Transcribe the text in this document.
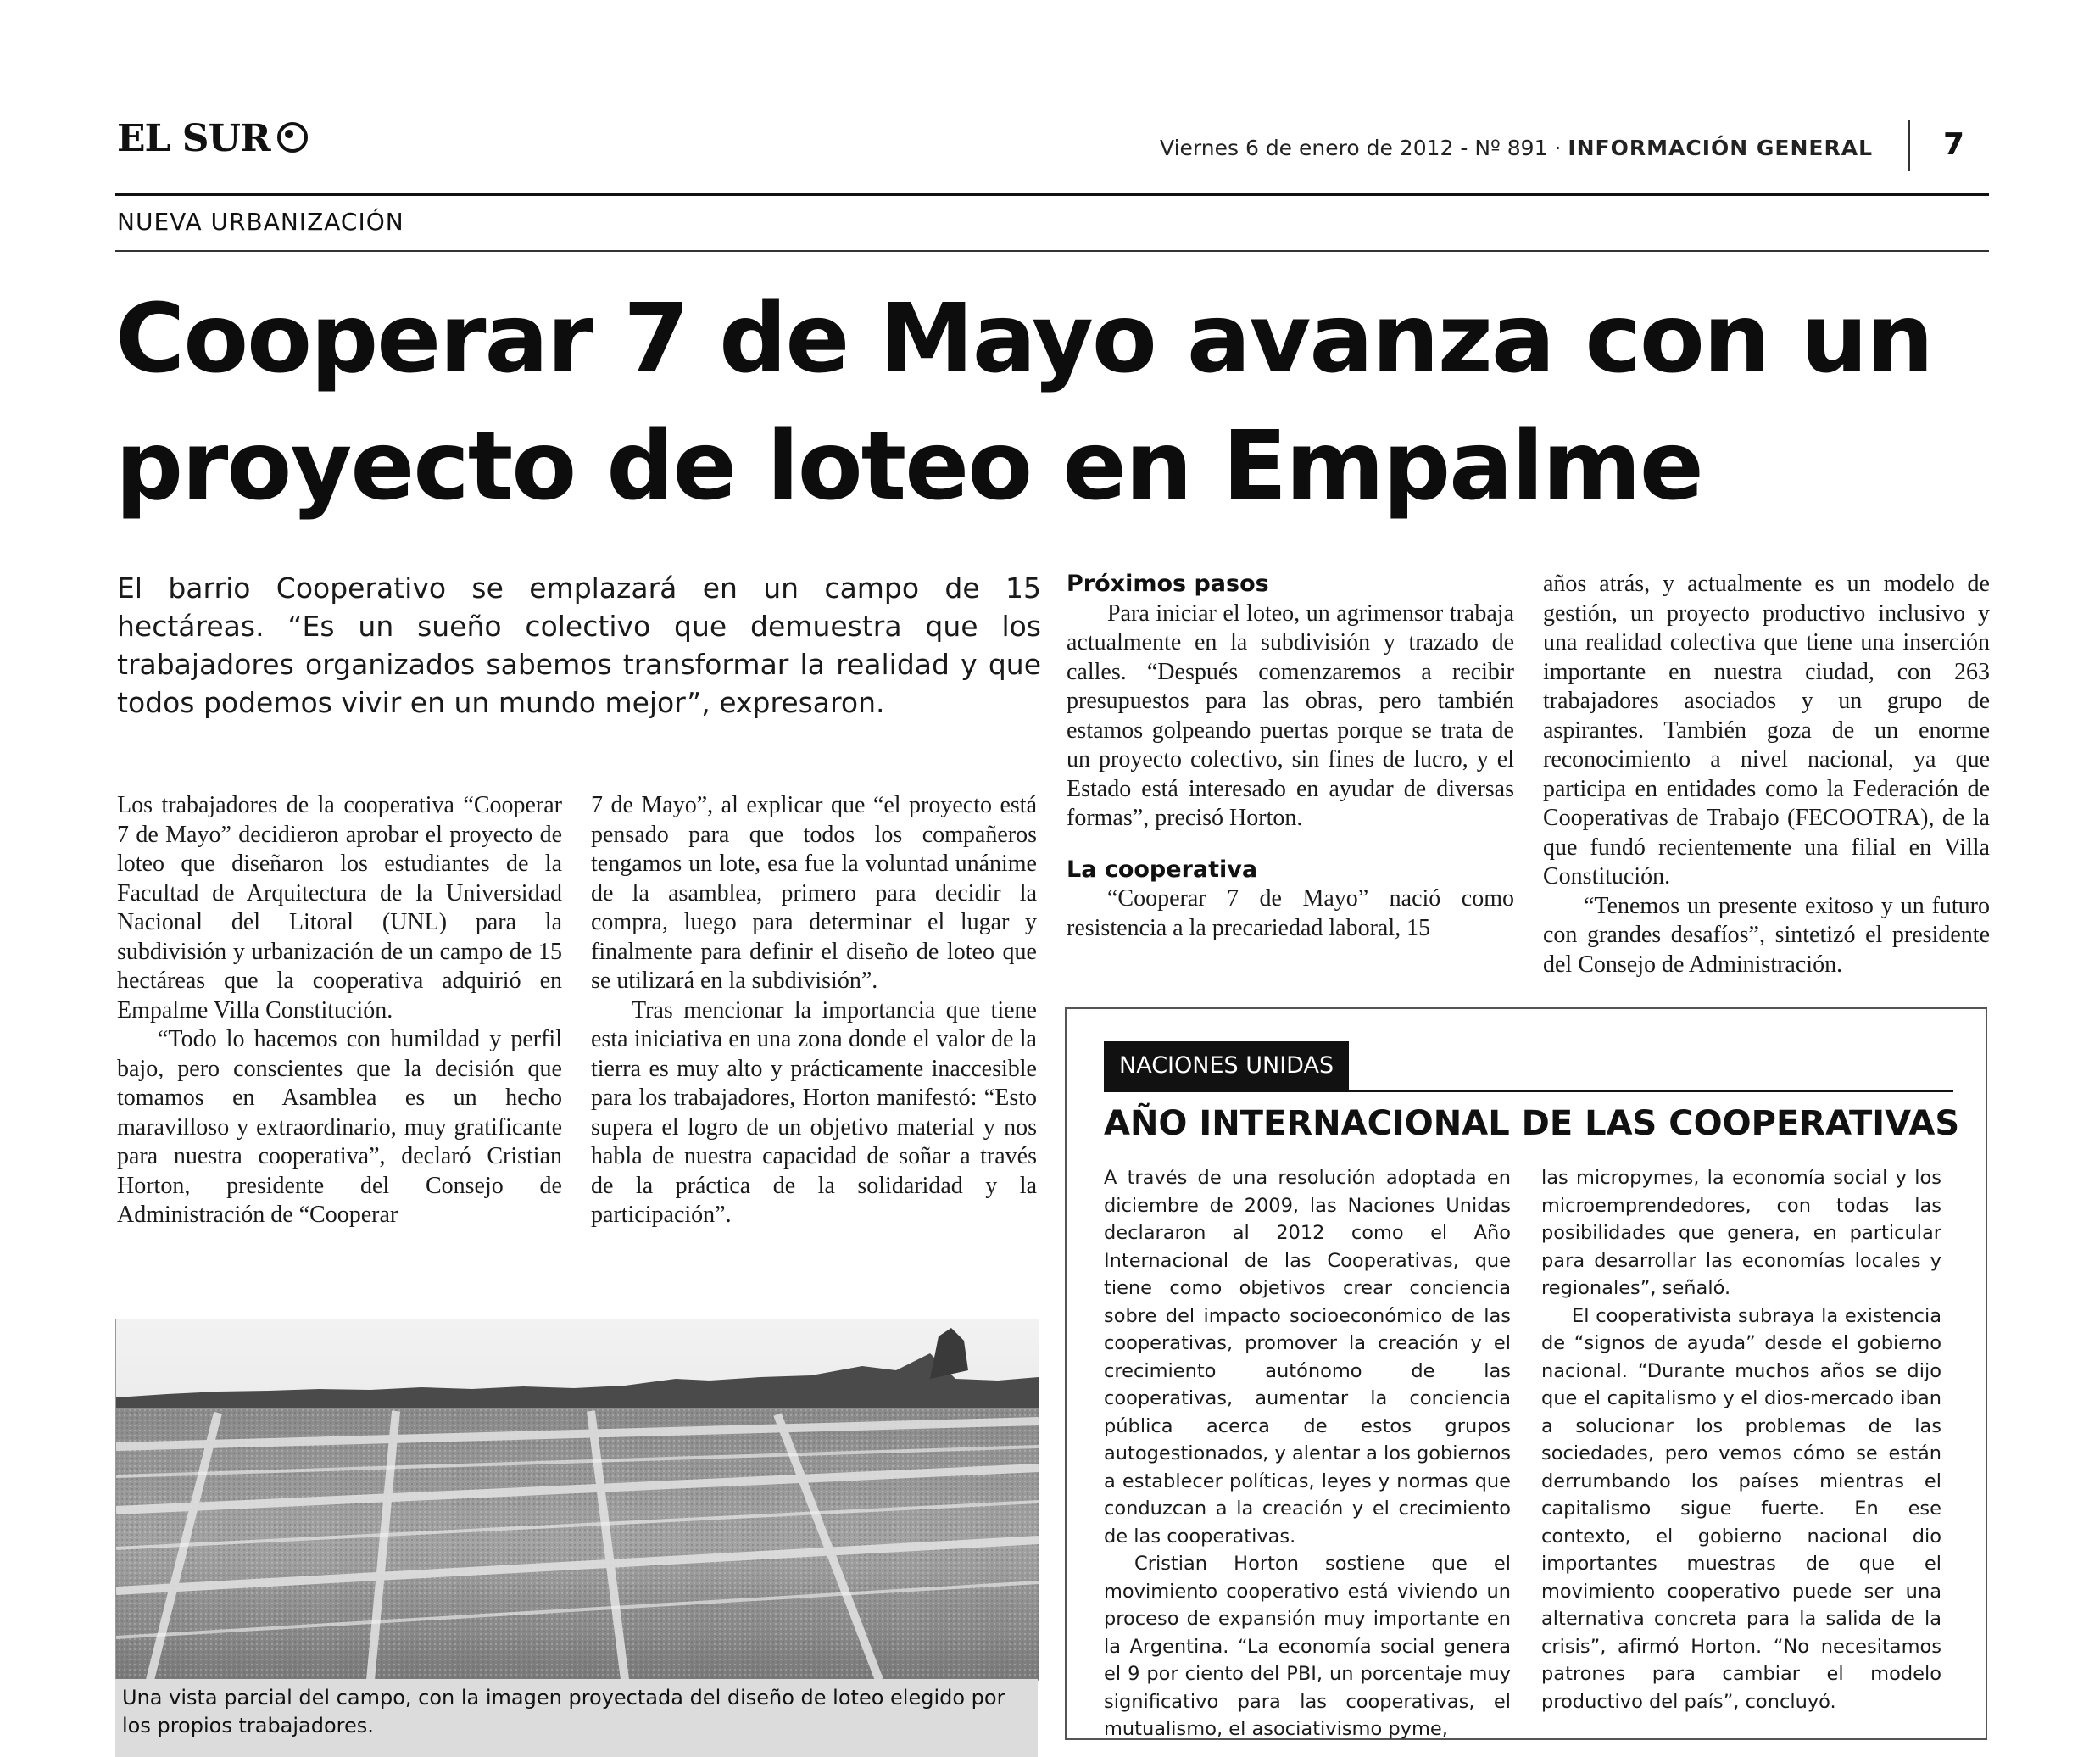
EL SUR	Viernes 6 de enero de 2012 - Nº 891 · INFORMACIÓN GENERAL 7
NUEVA URBANIZACIÓN
Cooperar 7 de Mayo avanza con un proyecto de loteo en Empalme
El barrio Cooperativo se emplazará en un campo de 15 hectáreas. “Es un sueño colectivo que demuestra que los trabajadores organizados sabemos transformar la realidad y que todos podemos vivir en un mundo mejor”, expresaron.

Los trabajadores de la cooperativa “Cooperar 7 de Mayo” decidieron aprobar el proyecto de loteo que diseñaron los estudiantes de la Facultad de Arquitectura de la Universidad Nacional del Litoral (UNL) para la subdivisión y urbanización de un campo de 15 hectáreas que la cooperativa adquirió en Empalme Villa Constitución.

“Todo lo hacemos con humildad y perfil bajo, pero conscientes que la decisión que tomamos en Asamblea es un hecho maravilloso y extraordinario, muy gratificante para nuestra cooperativa”, declaró Cristian Horton, presidente del Consejo de Administración de “Cooperar

7 de Mayo”, al explicar que “el proyecto está pensado para que todos los compañeros tengamos un lote, esa fue la voluntad unánime de la asamblea, primero para decidir la compra, luego para determinar el lugar y finalmente para definir el diseño de loteo que se utilizará en la subdivisión”.

Tras mencionar la importancia que tiene esta iniciativa en una zona donde el valor de la tierra es muy alto y prácticamente inaccesible para los trabajadores, Horton manifestó: “Esto supera el logro de un objetivo material y nos habla de nuestra capacidad de soñar a través de la práctica de la solidaridad y la participación”.

Próximos pasos

Para iniciar el loteo, un agrimensor trabaja actualmente en la subdivisión y trazado de calles. “Después comenzaremos a recibir presupuestos para las obras, pero también estamos golpeando puertas porque se trata de un proyecto colectivo, sin fines de lucro, y el Estado está interesado en ayudar de diversas formas”, precisó Horton.

La cooperativa

“Cooperar 7 de Mayo” nació como resistencia a la precariedad laboral, 15

años atrás, y actualmente es un modelo de gestión, un proyecto productivo inclusivo y una realidad colectiva que tiene una inserción importante en nuestra ciudad, con 263 trabajadores asociados y un grupo de aspirantes. También goza de un enorme reconocimiento a nivel nacional, ya que participa en entidades como la Federación de Cooperativas de Trabajo (FECOOTRA), de la que fundó recientemente una filial en Villa Constitución.

“Tenemos un presente exitoso y un futuro con grandes desafíos”, sintetizó el presidente del Consejo de Administración.

Una vista parcial del campo, con la imagen proyectada del diseño de loteo elegido por los propios trabajadores.
NACIONES UNIDAS
AÑO INTERNACIONAL DE LAS COOPERATIVAS

A través de una resolución adoptada en diciembre de 2009, las Naciones Unidas declararon al 2012 como el Año Internacional de las Cooperativas, que tiene como objetivos crear conciencia sobre del impacto socioeconómico de las cooperativas, promover la creación y el crecimiento autónomo de las cooperativas, aumentar la conciencia pública acerca de estos grupos autogestionados, y alentar a los gobiernos a establecer políticas, leyes y normas que conduzcan a la creación y el crecimiento de las cooperativas.

Cristian Horton sostiene que el movimiento cooperativo está viviendo un proceso de expansión muy importante en la Argentina. “La economía social genera el 9 por ciento del PBI, un porcentaje muy significativo para las cooperativas, el mutualismo, el asociativismo pyme,

las micropymes, la economía social y los microemprendedores, con todas las posibilidades que genera, en particular para desarrollar las economías locales y regionales”, señaló.

El cooperativista subraya la existencia de “signos de ayuda” desde el gobierno nacional. “Durante muchos años se dijo que el capitalismo y el dios-mercado iban a solucionar los problemas de las sociedades, pero vemos cómo se están derrumbando los países mientras el capitalismo sigue fuerte. En ese contexto, el gobierno nacional dio importantes muestras de que el movimiento cooperativo puede ser una alternativa concreta para la salida de la crisis”, afirmó Horton. “No necesitamos patrones para cambiar el modelo productivo del país”, concluyó.
